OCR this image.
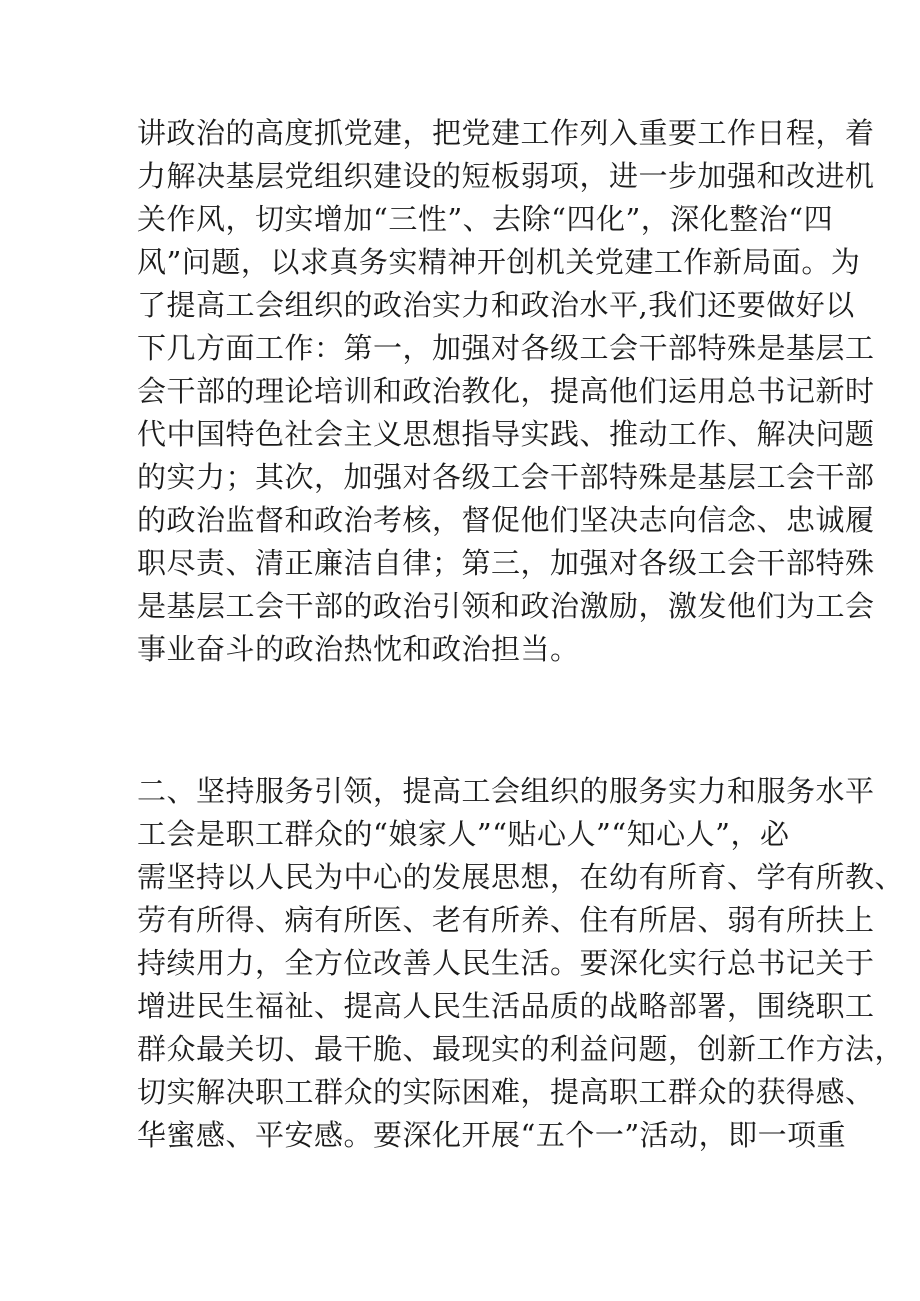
讲政治的高度抓党建，把党建工作列入重要工作日程，着
力解决基层党组织建设的短板弱项，进一步加强和改进机
关作风，切实增加“三性”、去除“四化”，深化整治“四
风”问题，以求真务实精神开创机关党建工作新局面。为
了提高工会组织的政治实力和政治水平,我们还要做好以
下几方面工作：第一，加强对各级工会干部特殊是基层工
会干部的理论培训和政治教化，提高他们运用总书记新时
代中国特色社会主义思想指导实践、推动工作、解决问题
的实力；其次，加强对各级工会干部特殊是基层工会干部
的政治监督和政治考核，督促他们坚决志向信念、忠诚履
职尽责、清正廉洁自律；第三，加强对各级工会干部特殊
是基层工会干部的政治引领和政治激励，激发他们为工会
事业奋斗的政治热忱和政治担当。
二、坚持服务引领，提高工会组织的服务实力和服务水平
工会是职工群众的“娘家人”“贴心人”“知心人”，必
需坚持以人民为中心的发展思想，在幼有所育、学有所教、
劳有所得、病有所医、老有所养、住有所居、弱有所扶上
持续用力，全方位改善人民生活。要深化实行总书记关于
增进民生福祉、提高人民生活品质的战略部署，围绕职工
群众最关切、最干脆、最现实的利益问题，创新工作方法，
切实解决职工群众的实际困难，提高职工群众的获得感、
华蜜感、平安感。要深化开展“五个一”活动，即一项重
